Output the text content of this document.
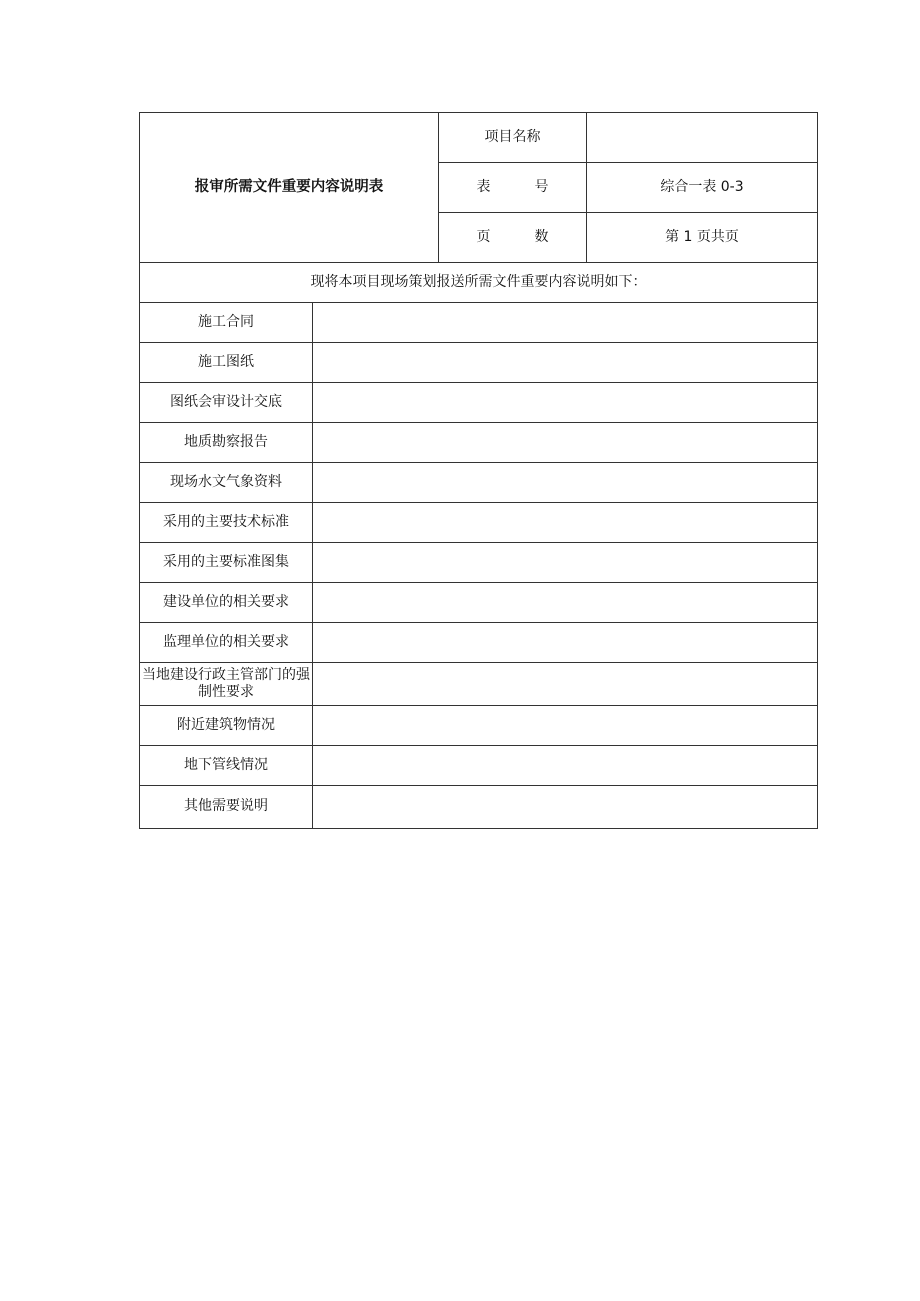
报审所需文件重要内容说明表		项目名称	
		表　　号	综合一表 0-3
		页　　数	第 1 页共页
现将本项目现场策划报送所需文件重要内容说明如下：			
施工合同			
施工图纸			
图纸会审设计交底			
地质勘察报告			
现场水文气象资料			
采用的主要技术标准			
采用的主要标准图集			
建设单位的相关要求			
监理单位的相关要求			
当地建设行政主管部门的强制性要求			
附近建筑物情况			
地下管线情况			
其他需要说明			
